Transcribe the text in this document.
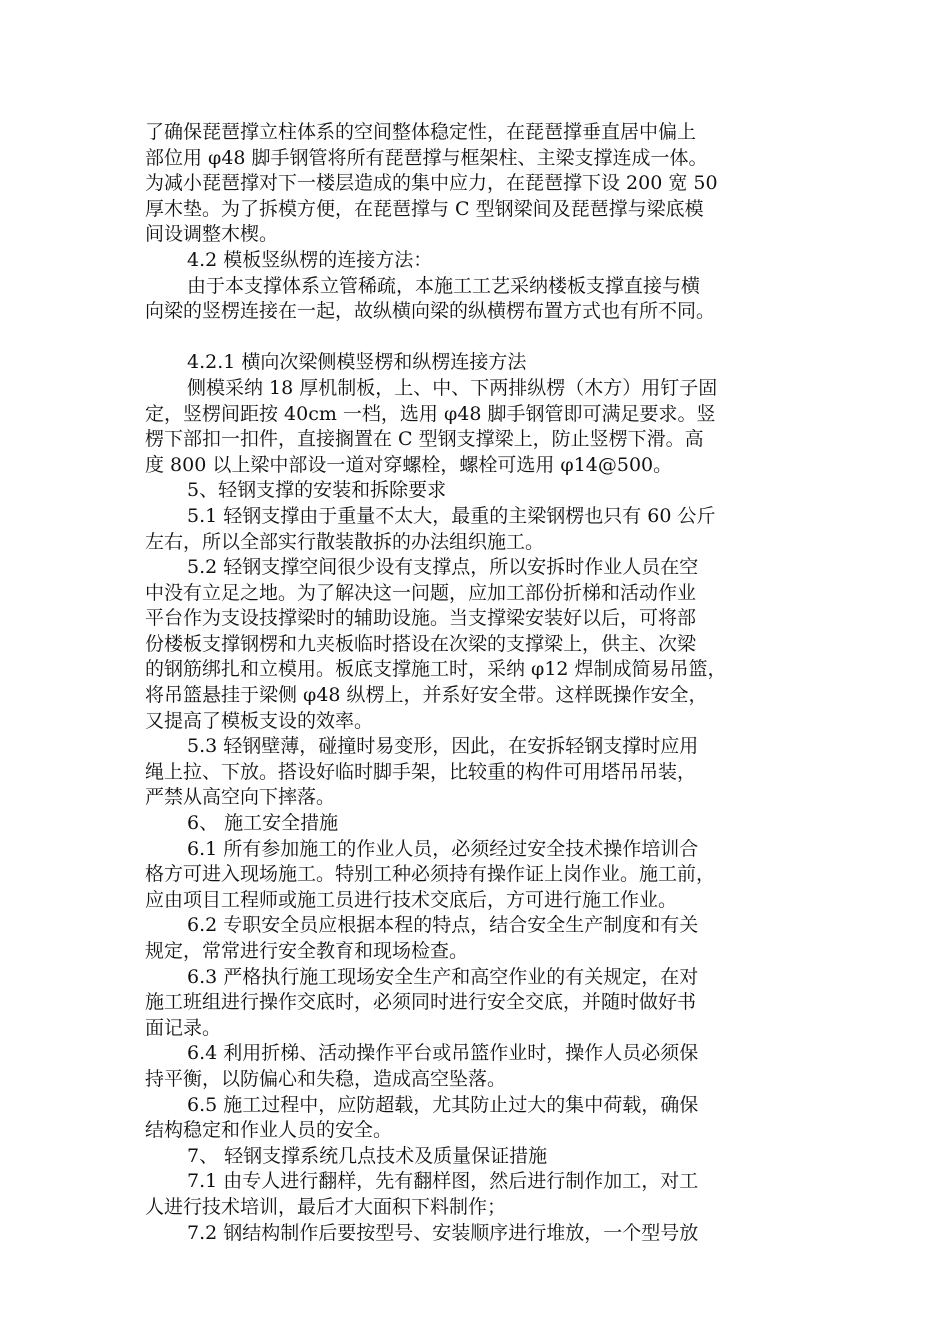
了确保琵琶撑立柱体系的空间整体稳定性，在琵琶撑垂直居中偏上
部位用 φ48 脚手钢管将所有琵琶撑与框架柱、主梁支撑连成一体。
为减小琵琶撑对下一楼层造成的集中应力，在琵琶撑下设 200 宽 50
厚木垫。为了拆模方便，在琵琶撑与 C 型钢梁间及琵琶撑与梁底模
间设调整木楔。
4.2 模板竖纵楞的连接方法：
由于本支撑体系立管稀疏，本施工工艺采纳楼板支撑直接与横
向梁的竖楞连接在一起，故纵横向梁的纵横楞布置方式也有所不同。
4.2.1 横向次梁侧模竖楞和纵楞连接方法
侧模采纳 18 厚机制板，上、中、下两排纵楞（木方）用钉子固
定，竖楞间距按 40cm 一档，选用 φ48 脚手钢管即可满足要求。竖
楞下部扣一扣件，直接搁置在 C 型钢支撑梁上，防止竖楞下滑。高
度 800 以上梁中部设一道对穿螺栓，螺栓可选用 φ14@500。
5、轻钢支撑的安装和拆除要求
5.1 轻钢支撑由于重量不太大，最重的主梁钢楞也只有 60 公斤
左右，所以全部实行散装散拆的办法组织施工。
5.2 轻钢支撑空间很少设有支撑点，所以安拆时作业人员在空
中没有立足之地。为了解决这一问题，应加工部份折梯和活动作业
平台作为支设技撑梁时的辅助设施。当支撑梁安装好以后，可将部
份楼板支撑钢楞和九夹板临时搭设在次梁的支撑梁上，供主、次梁
的钢筋绑扎和立模用。板底支撑施工时，采纳 φ12 焊制成简易吊篮，
将吊篮悬挂于梁侧 φ48 纵楞上，并系好安全带。这样既操作安全，
又提高了模板支设的效率。
5.3 轻钢壁薄，碰撞时易变形，因此，在安拆轻钢支撑时应用
绳上拉、下放。搭设好临时脚手架，比较重的构件可用塔吊吊装，
严禁从高空向下摔落。
6、 施工安全措施
6.1 所有参加施工的作业人员，必须经过安全技术操作培训合
格方可进入现场施工。特别工种必须持有操作证上岗作业。施工前，
应由项目工程师或施工员进行技术交底后，方可进行施工作业。
6.2 专职安全员应根据本程的特点，结合安全生产制度和有关
规定，常常进行安全教育和现场检查。
6.3 严格执行施工现场安全生产和高空作业的有关规定，在对
施工班组进行操作交底时，必须同时进行安全交底，并随时做好书
面记录。
6.4 利用折梯、活动操作平台或吊篮作业时，操作人员必须保
持平衡，以防偏心和失稳，造成高空坠落。
6.5 施工过程中，应防超载，尤其防止过大的集中荷载，确保
结构稳定和作业人员的安全。
7、 轻钢支撑系统几点技术及质量保证措施
7.1 由专人进行翻样，先有翻样图，然后进行制作加工，对工
人进行技术培训，最后才大面积下料制作；
7.2 钢结构制作后要按型号、安装顺序进行堆放，一个型号放
